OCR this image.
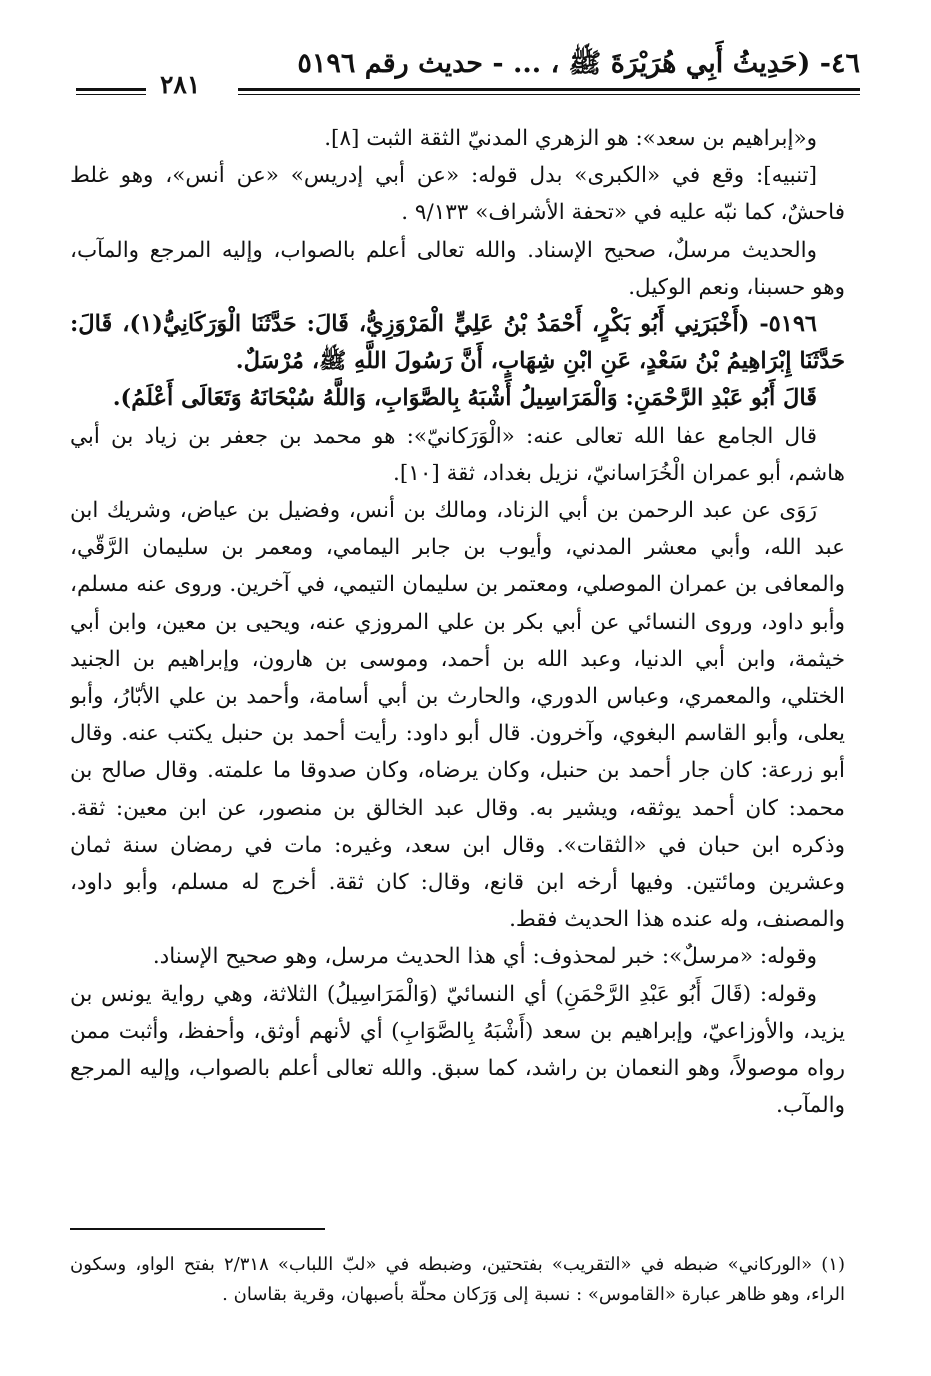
٤٦- (حَدِيثُ أَبِي هُرَيْرَةَ ﷺ ، ... - حديث رقم ٥١٩٦
٢٨١

و«إبراهيم بن سعد»: هو الزهري المدنيّ الثقة الثبت [٨].

[تنبيه]: وقع في «الكبرى» بدل قوله: «عن أبي إدريس» «عن أنس»، وهو غلط فاحشٌ، كما نبّه عليه في «تحفة الأشراف» ٩/١٣٣ .

والحديث مرسلٌ، صحيح الإسناد. والله تعالى أعلم بالصواب، وإليه المرجع والمآب، وهو حسبنا، ونعم الوكيل.

٥١٩٦- (أَخْبَرَنِي أَبُو بَكْرٍ، أَحْمَدُ بْنُ عَلِيٍّ الْمَرْوَزِيُّ، قَالَ: حَدَّثَنَا الْوَرَكَانِيُّ(١)، قَالَ: حَدَّثَنَا إِبْرَاهِيمُ بْنُ سَعْدٍ، عَنِ ابْنِ شِهَابٍ، أَنَّ رَسُولَ اللَّهِ ﷺ، مُرْسَلٌ.

قَالَ أَبُو عَبْدِ الرَّحْمَنِ: وَالْمَرَاسِيلُ أَشْبَهُ بِالصَّوَابِ، وَاللَّهُ سُبْحَانَهُ وَتَعَالَى أَعْلَمُ).

قال الجامع عفا الله تعالى عنه: «الْوَرَكانيّ»: هو محمد بن جعفر بن زياد بن أبي هاشم، أبو عمران الْخُرَاسانيّ، نزيل بغداد، ثقة [١٠].

رَوَى عن عبد الرحمن بن أبي الزناد، ومالك بن أنس، وفضيل بن عياض، وشريك ابن عبد الله، وأبي معشر المدني، وأيوب بن جابر اليمامي، ومعمر بن سليمان الرَّقّي، والمعافى بن عمران الموصلي، ومعتمر بن سليمان التيمي، في آخرين. وروى عنه مسلم، وأبو داود، وروى النسائي عن أبي بكر بن علي المروزي عنه، ويحيى بن معين، وابن أبي خيثمة، وابن أبي الدنيا، وعبد الله بن أحمد، وموسى بن هارون، وإبراهيم بن الجنيد الختلي، والمعمري، وعباس الدوري، والحارث بن أبي أسامة، وأحمد بن علي الأبّارُ، وأبو يعلى، وأبو القاسم البغوي، وآخرون. قال أبو داود: رأيت أحمد بن حنبل يكتب عنه. وقال أبو زرعة: كان جار أحمد بن حنبل، وكان يرضاه، وكان صدوقا ما علمته. وقال صالح بن محمد: كان أحمد يوثقه، ويشير به. وقال عبد الخالق بن منصور، عن ابن معين: ثقة. وذكره ابن حبان في «الثقات». وقال ابن سعد، وغيره: مات في رمضان سنة ثمان وعشرين ومائتين. وفيها أرخه ابن قانع، وقال: كان ثقة. أخرج له مسلم، وأبو داود، والمصنف، وله عنده هذا الحديث فقط.

وقوله: «مرسلٌ»: خبر لمحذوف: أي هذا الحديث مرسل، وهو صحيح الإسناد.

وقوله: (قَالَ أَبُو عَبْدِ الرَّحْمَنِ) أي النسائيّ (وَالْمَرَاسِيلُ) الثلاثة، وهي رواية يونس بن يزيد، والأوزاعيّ، وإبراهيم بن سعد (أَشْبَهُ بِالصَّوَابِ) أي لأنهم أوثق، وأحفظ، وأثبت ممن رواه موصولاً، وهو النعمان بن راشد، كما سبق. والله تعالى أعلم بالصواب، وإليه المرجع والمآب.

(١) «الوركاني» ضبطه في «التقريب» بفتحتين، وضبطه في «لبّ اللباب» ٢/٣١٨ بفتح الواو، وسكون الراء، وهو ظاهر عبارة «القاموس» : نسبة إلى وَرَكان محلّة بأصبهان، وقرية بقاسان .
